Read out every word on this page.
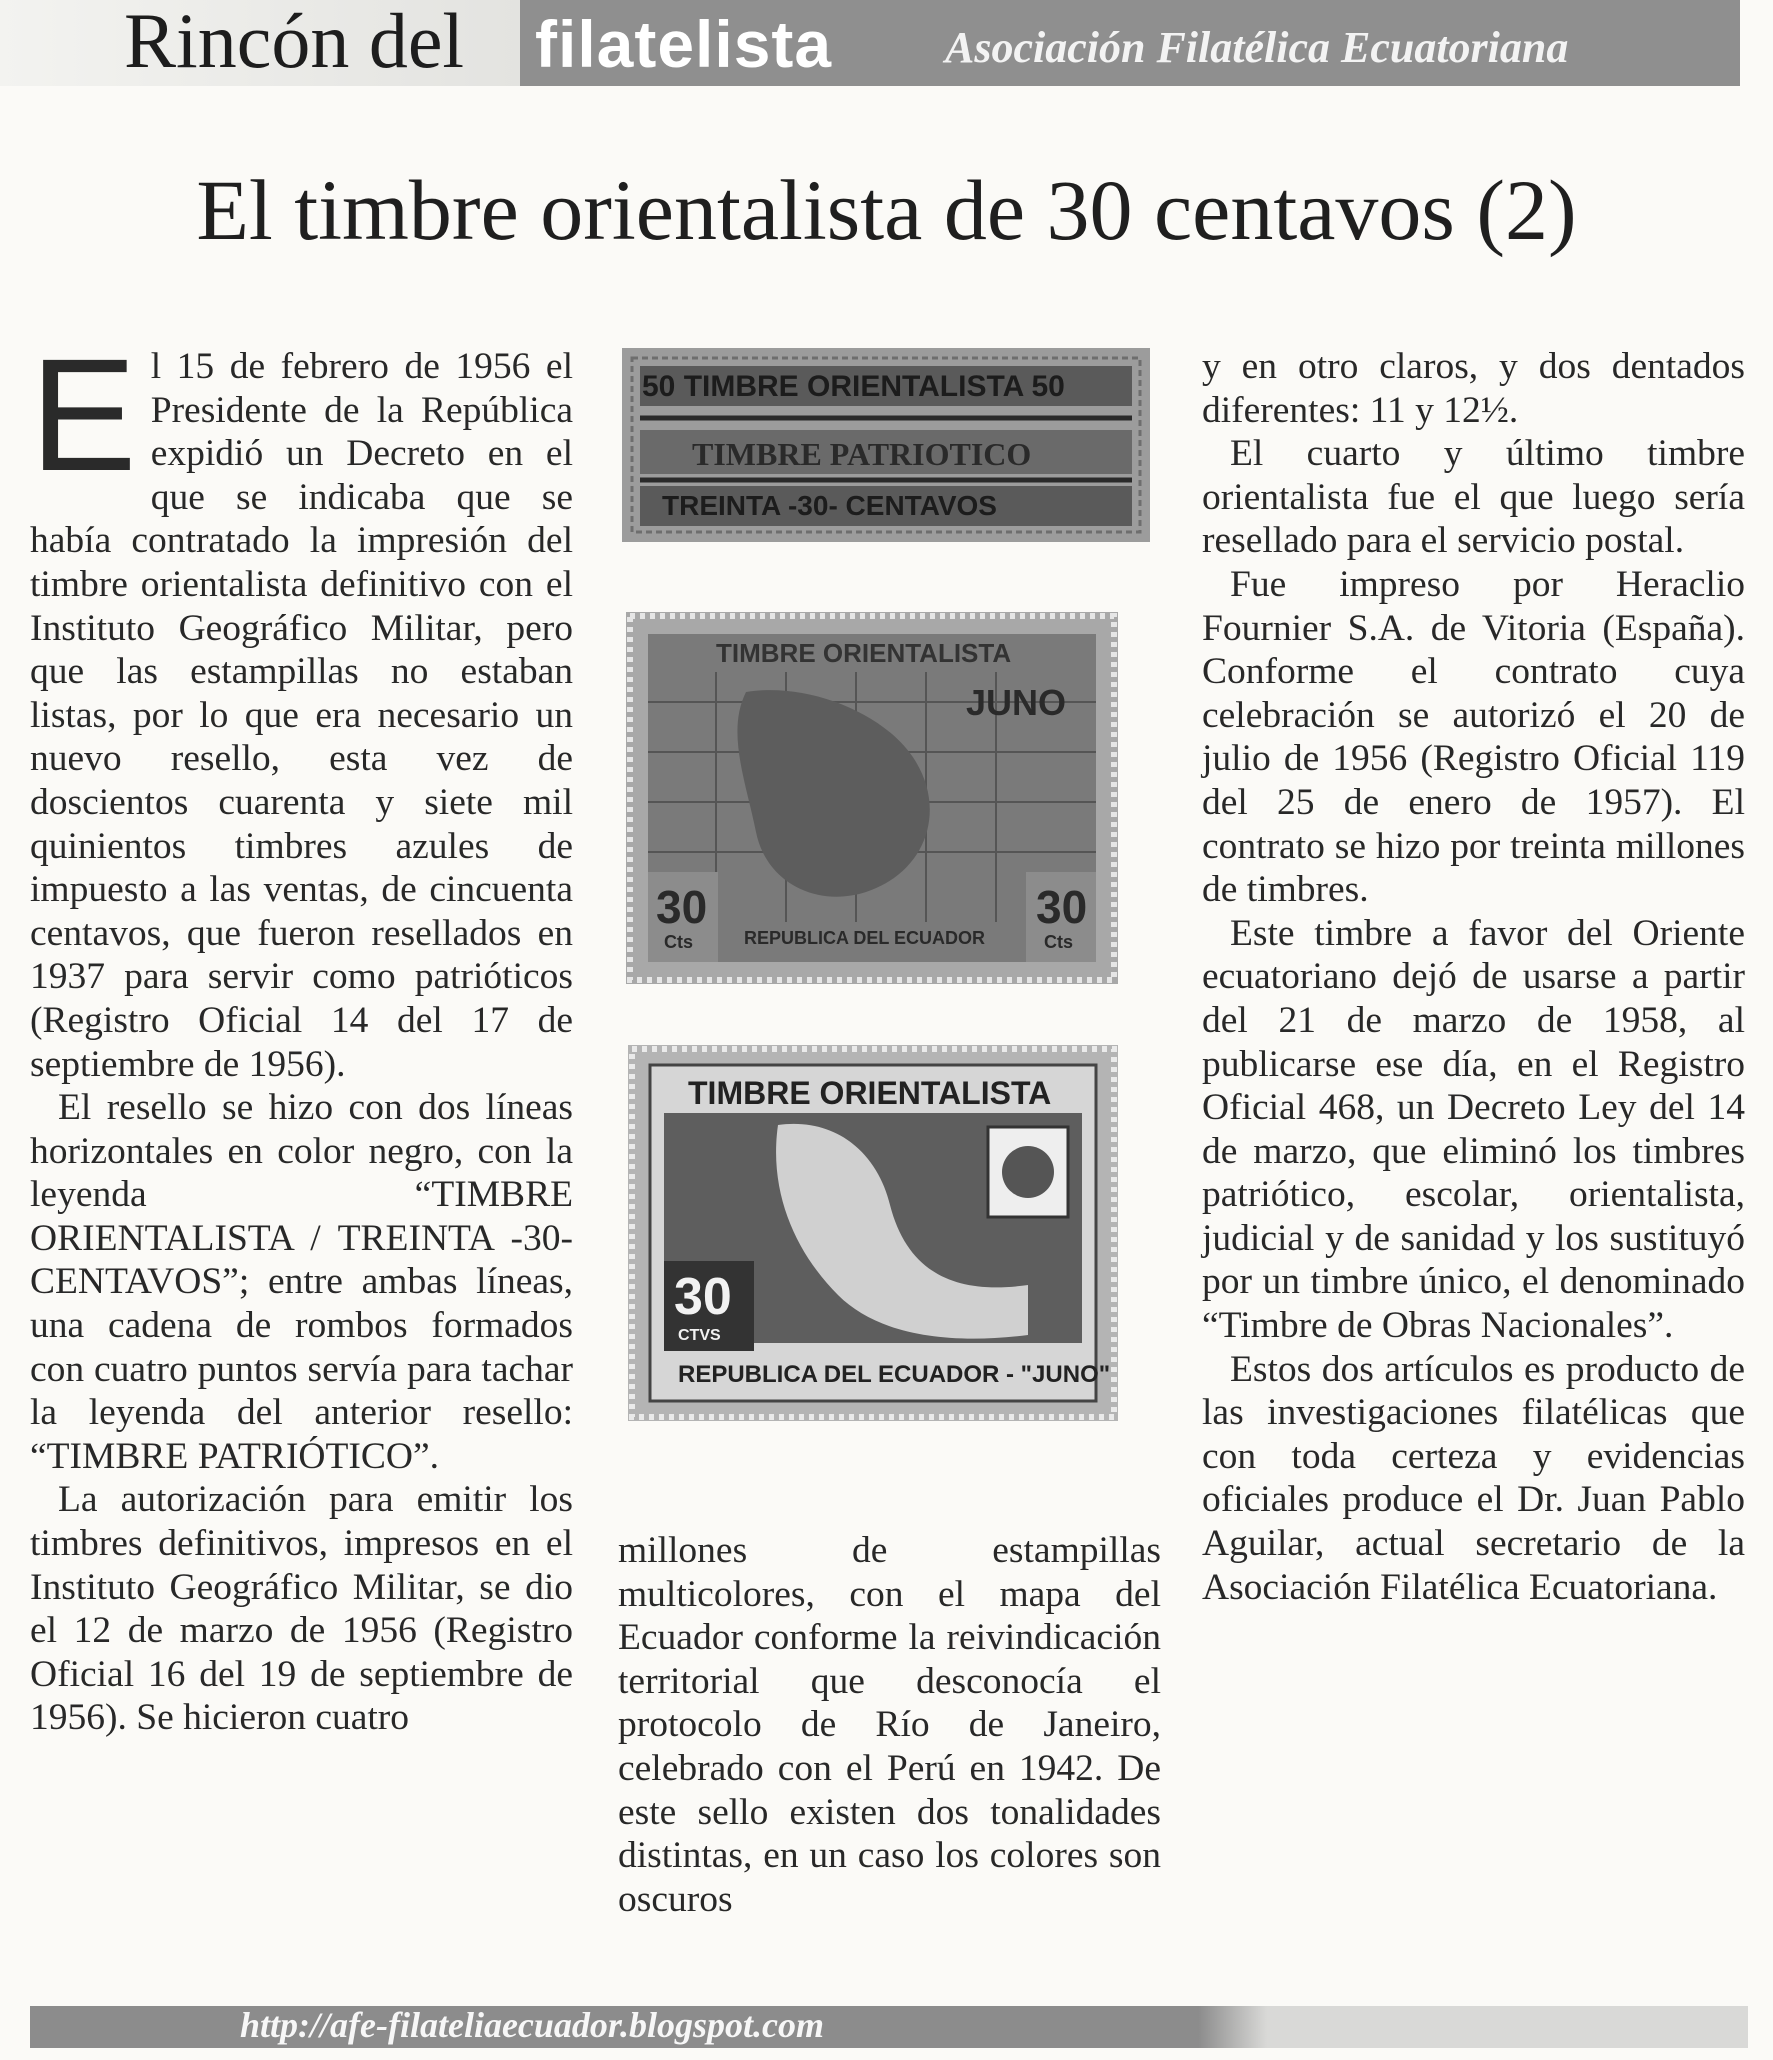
Rincón del filatelista	Asociación Filatélica Ecuatoriana
El timbre orientalista de 30 centavos (2)

El 15 de febrero de 1956 el Presidente de la República expidió un Decreto en el que se indicaba que se había contratado la impresión del timbre orientalista definitivo con el Instituto Geográfico Militar, pero que las estampillas no estaban listas, por lo que era necesario un nuevo resello, esta vez de doscientos cuarenta y siete mil quinientos timbres azules de impuesto a las ventas, de cincuenta centavos, que fueron resellados en 1937 para servir como patrióticos (Registro Oficial 14 del 17 de septiembre de 1956).

El resello se hizo con dos líneas horizontales en color negro, con la leyenda “TIMBRE ORIENTALISTA / TREINTA -30- CENTAVOS”; entre ambas líneas, una cadena de rombos formados con cuatro puntos servía para tachar la leyenda del anterior resello: “TIMBRE PATRIÓTICO”.

La autorización para emitir los timbres definitivos, impresos en el Instituto Geográfico Militar, se dio el 12 de marzo de 1956 (Registro Oficial 16 del 19 de septiembre de 1956). Se hicieron cuatro

50 TIMBRE ORIENTALISTA 50
TIMBRE PATRIOTICO
TREINTA -30- CENTAVOS
TIMBRE ORIENTALISTA
JUNO
30
Cts
30
Cts
REPUBLICA DEL ECUADOR
TIMBRE ORIENTALISTA
30
CTVS
REPUBLICA DEL ECUADOR - "JUNO"

millones de estampillas multicolores, con el mapa del Ecuador conforme la reivindicación territorial que desconocía el protocolo de Río de Janeiro, celebrado con el Perú en 1942. De este sello existen dos tonalidades distintas, en un caso los colores son oscuros

y en otro claros, y dos dentados diferentes: 11 y 12½.

El cuarto y último timbre orientalista fue el que luego sería resellado para el servicio postal.

Fue impreso por Heraclio Fournier S.A. de Vitoria (España). Conforme el contrato cuya celebración se autorizó el 20 de julio de 1956 (Registro Oficial 119 del 25 de enero de 1957). El contrato se hizo por treinta millones de timbres.

Este timbre a favor del Oriente ecuatoriano dejó de usarse a partir del 21 de marzo de 1958, al publicarse ese día, en el Registro Oficial 468, un Decreto Ley del 14 de marzo, que eliminó los timbres patriótico, escolar, orientalista, judicial y de sanidad y los sustituyó por un timbre único, el denominado “Timbre de Obras Nacionales”.

Estos dos artículos es producto de las investigaciones filatélicas que con toda certeza y evidencias oficiales produce el Dr. Juan Pablo Aguilar, actual secretario de la Asociación Filatélica Ecuatoriana.

http://afe-filateliaecuador.blogspot.com
